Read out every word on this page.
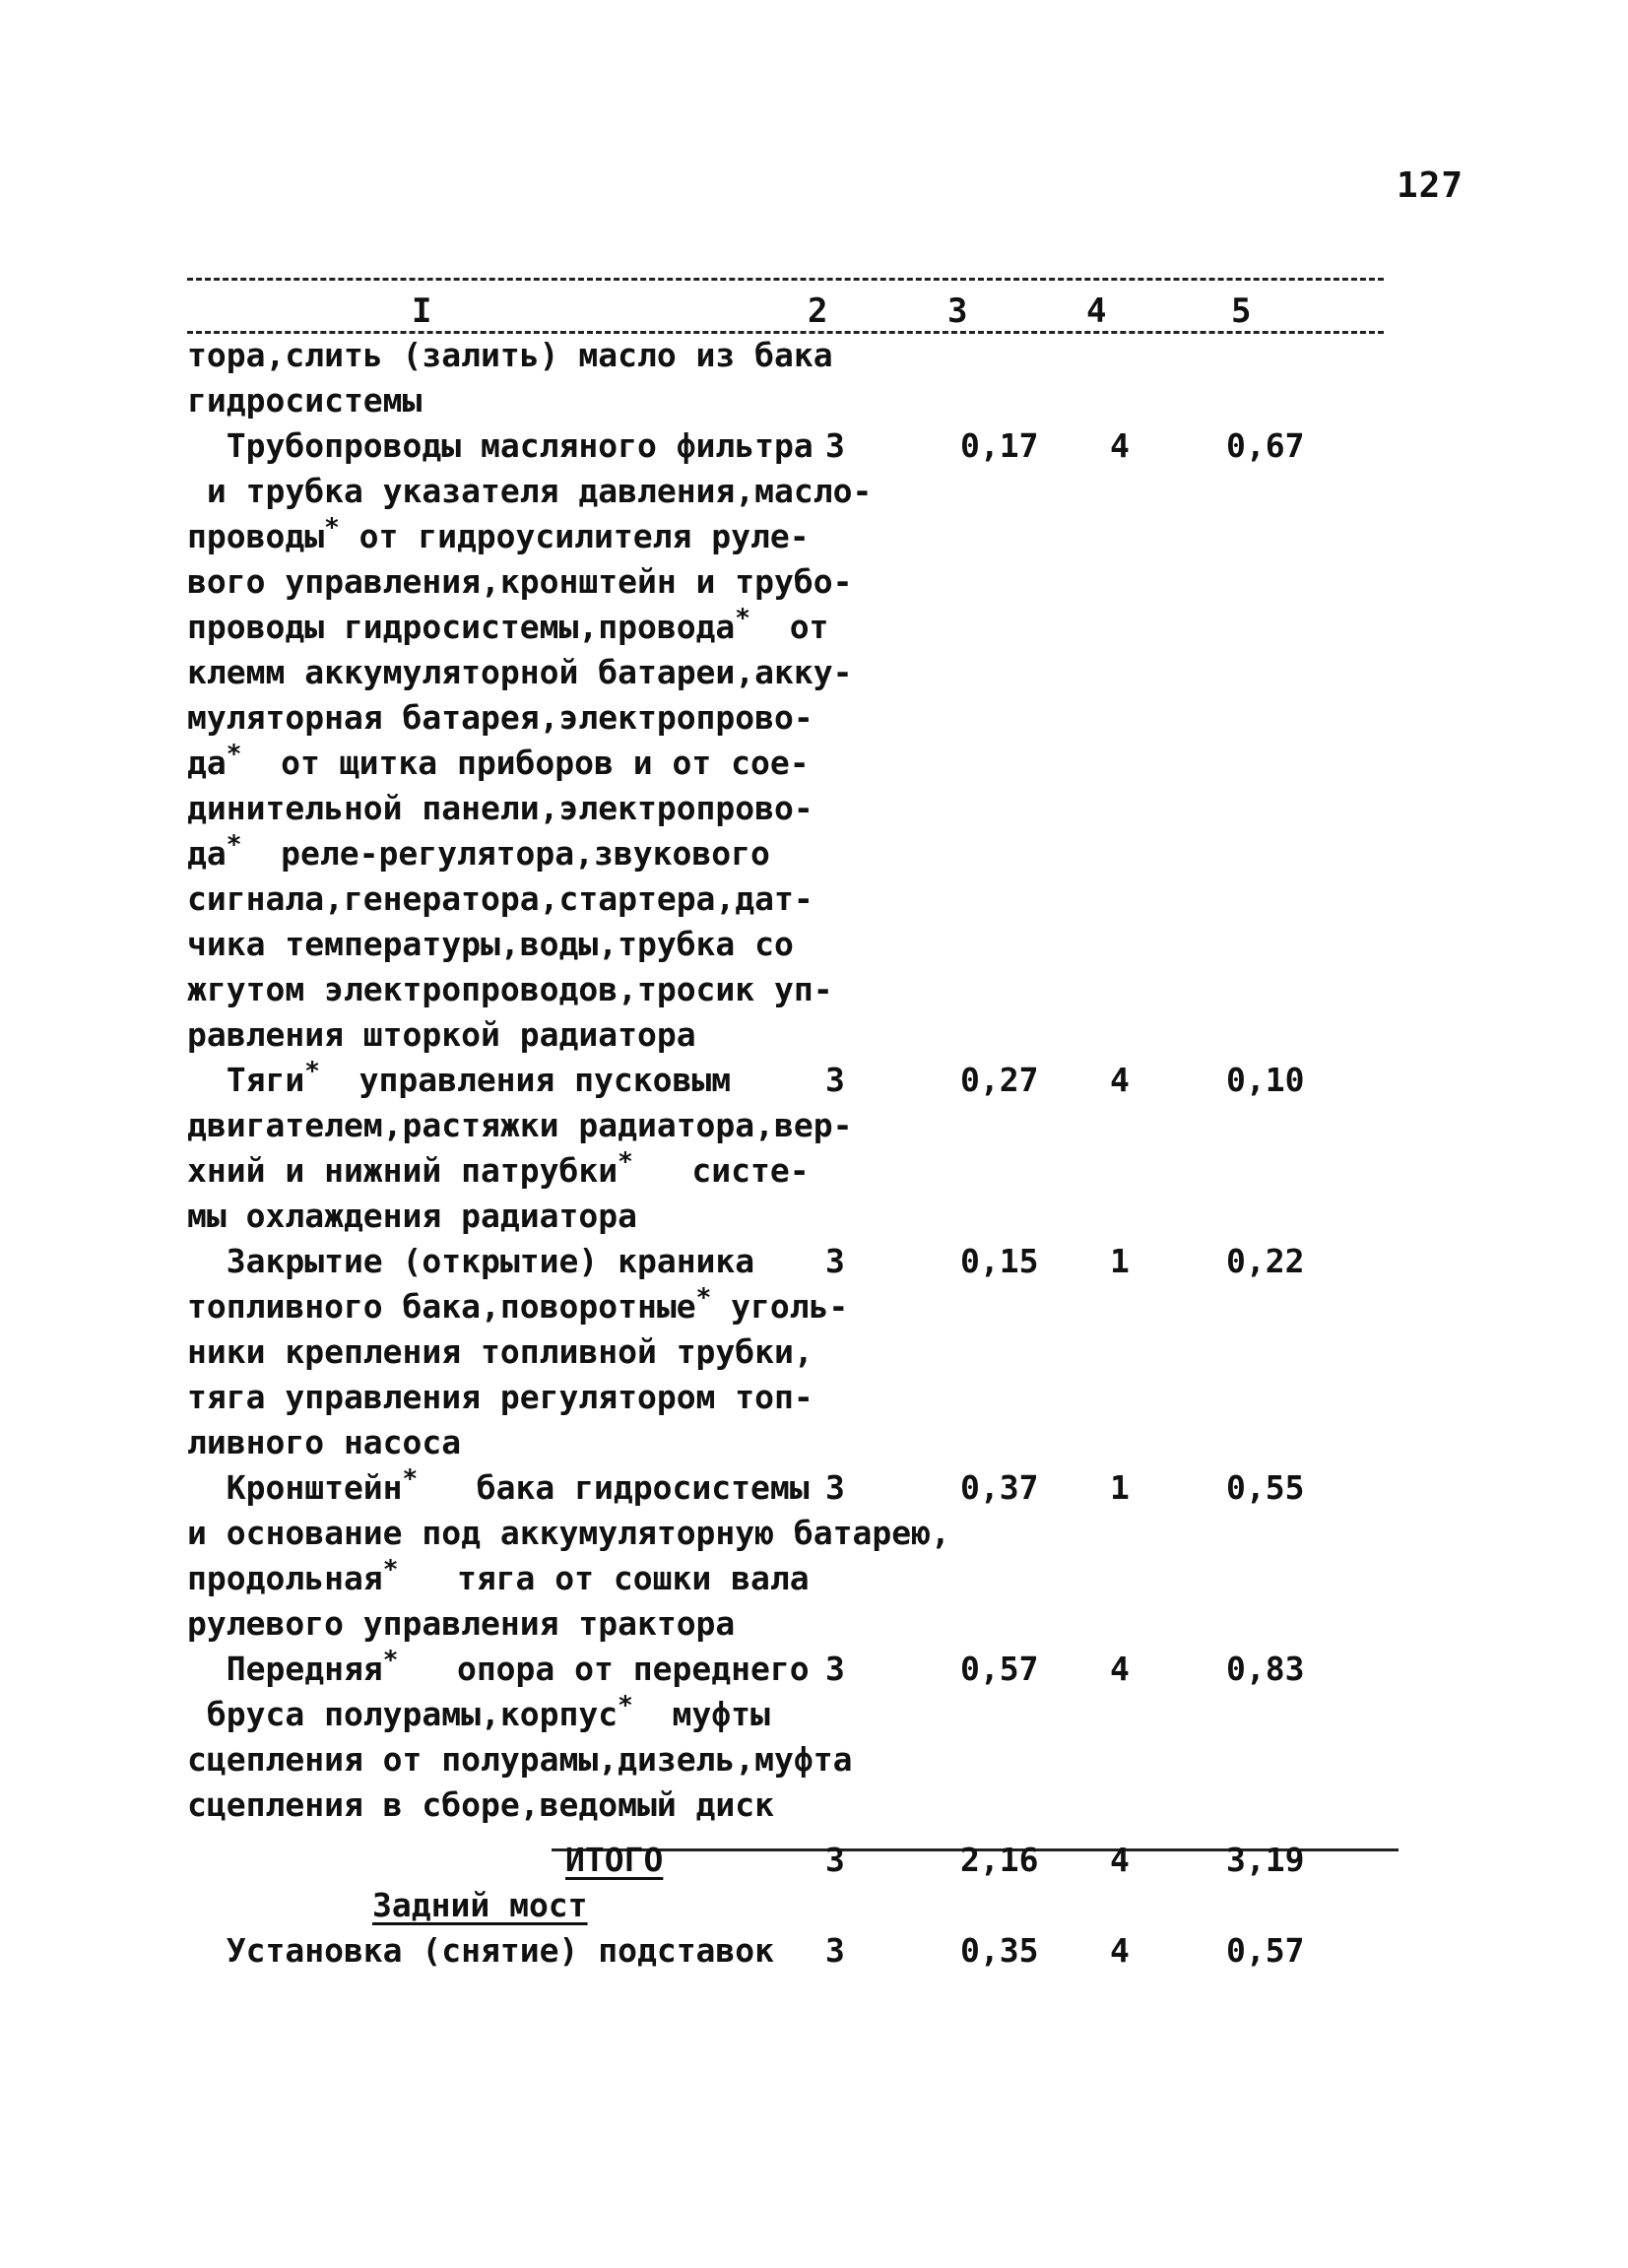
127
I	2	3	4	5
тора,слить (залить) масло из бака
гидросистемы
Трубопроводы масляного фильтра
и трубка указателя давления,масло-
проводы* от гидроусилителя руле-
вого управления,кронштейн и трубо-
проводы гидросистемы,провода*  от
клемм аккумуляторной батареи,акку-
муляторная батарея,электропрово-
да*  от щитка приборов и от сое-
динительной панели,электропрово-
да*  реле-регулятора,звукового
сигнала,генератора,стартера,дат-
чика температуры,воды,трубка со
жгутом электропроводов,тросик уп-
равления шторкой радиатора
3	0,17 4	0,67
Тяги*  управления пусковым
двигателем,растяжки радиатора,вер-
хний и нижний патрубки*   систе-
мы охлаждения радиатора
3	0,27 4	0,10
Закрытие (открытие) краника
топливного бака,поворотные* уголь-
ники крепления топливной трубки,
тяга управления регулятором топ-
ливного насоса
3	0,15 1	0,22
Кронштейн*   бака гидросистемы
и основание под аккумуляторную батарею,
продольная*   тяга от сошки вала
рулевого управления трактора
3	0,37 1	0,55
Передняя*   опора от переднего
бруса полурамы,корпус*  муфты
сцепления от полурамы,дизель,муфта
сцепления в сборе,ведомый диск
3	0,57 4	0,83
ИТОГО	3	2,16 4	3,19
Задний мост
Установка (снятие) подставок 3	0,35 4	0,57
